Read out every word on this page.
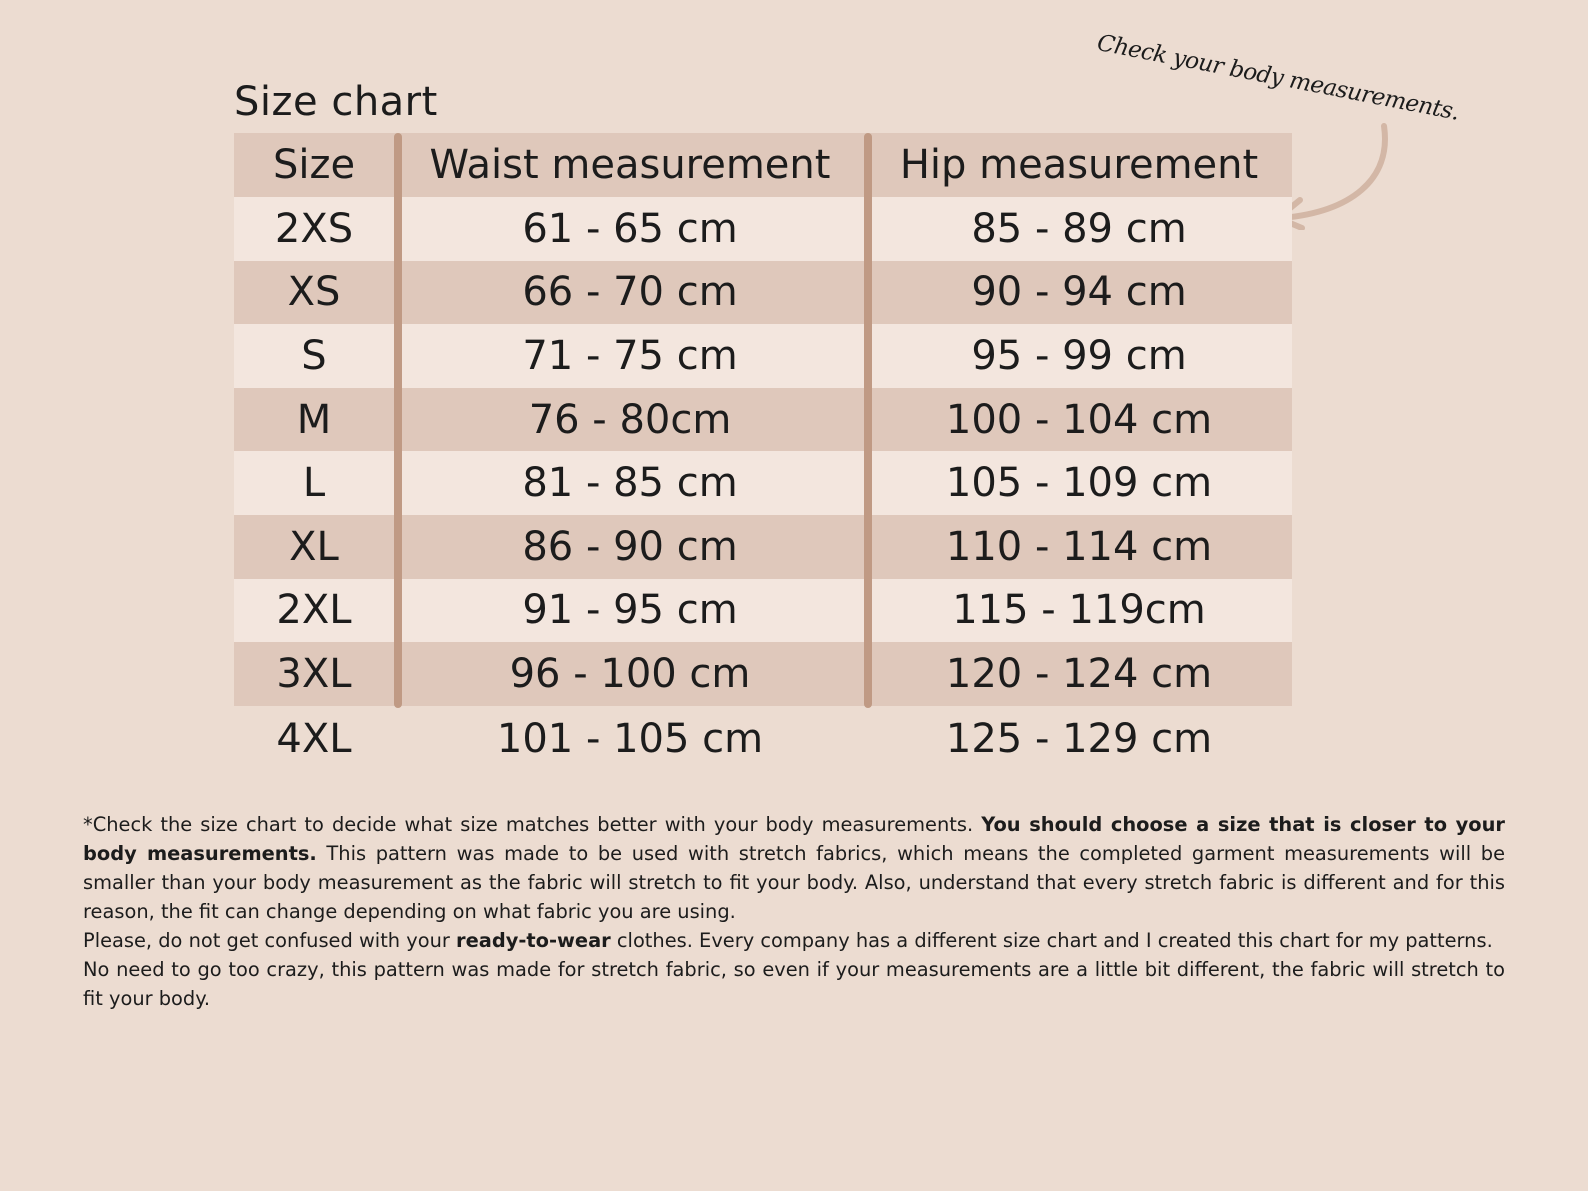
Size chart	Check your body measurements.
Size	Waist measurement	Hip measurement
2XS	61 - 65 cm	85 - 89 cm
XS	66 - 70 cm	90 - 94 cm
S	71 - 75 cm	95 - 99 cm
M	76 - 80cm	100 - 104 cm
L	81 - 85 cm	105 - 109 cm
XL	86 - 90 cm	110 - 114 cm
2XL	91 - 95 cm	115 - 119cm
3XL	96 - 100 cm	120 - 124 cm
4XL	101 - 105 cm	125 - 129 cm

*Check the size chart to decide what size matches better with your body measurements. You should choose a size that is closer to your body measurements. This pattern was made to be used with stretch fabrics, which means the completed garment measurements will be smaller than your body measurement as the fabric will stretch to fit your body. Also, understand that every stretch fabric is different and for this reason, the fit can change depending on what fabric you are using.

Please, do not get confused with your ready-to-wear clothes. Every company has a different size chart and I created this chart for my patterns.

No need to go too crazy, this pattern was made for stretch fabric, so even if your measurements are a little bit different, the fabric will stretch to fit your body.
